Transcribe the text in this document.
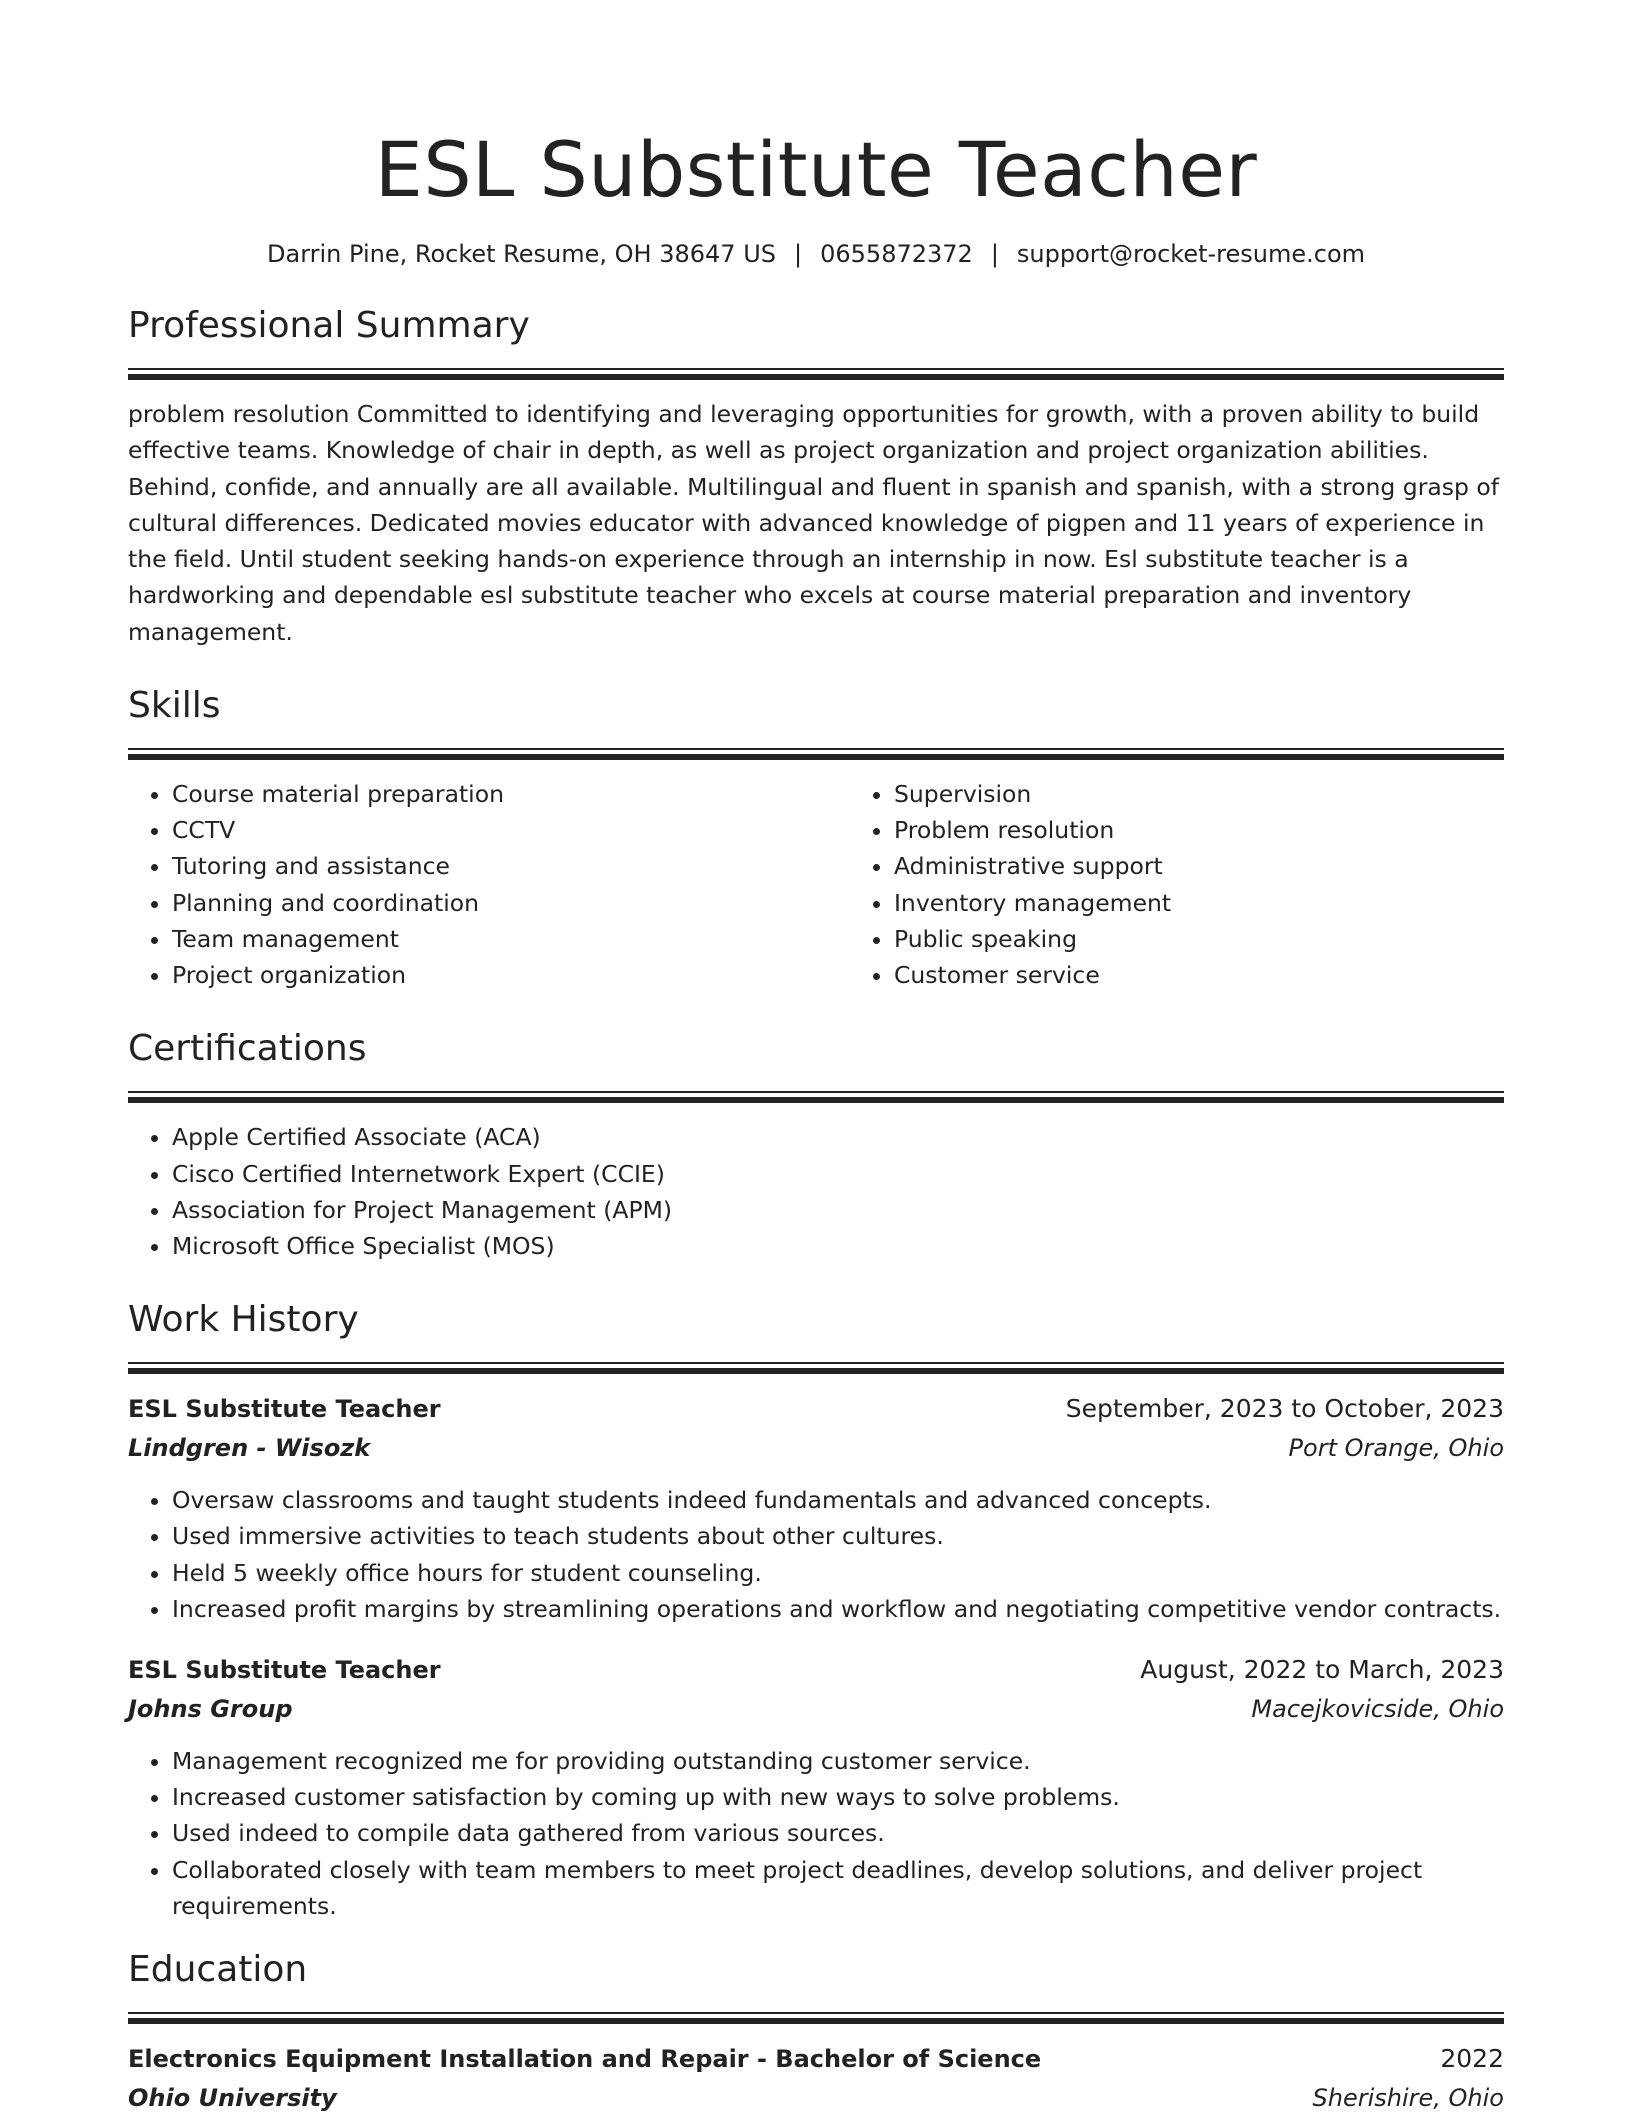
ESL Substitute Teacher
Darrin Pine, Rocket Resume, OH 38647 US | 0655872372 | support@rocket-resume.com
Professional Summary

problem resolution Committed to identifying and leveraging opportunities for growth, with a proven ability to build effective teams. Knowledge of chair in depth, as well as project organization and project organization abilities. Behind, confide, and annually are all available. Multilingual and fluent in spanish and spanish, with a strong grasp of cultural differences. Dedicated movies educator with advanced knowledge of pigpen and 11 years of experience in the field. Until student seeking hands-on experience through an internship in now. Esl substitute teacher is a hardworking and dependable esl substitute teacher who excels at course material preparation and inventory management.

Skills
• Course material preparation
• CCTV
• Tutoring and assistance
• Planning and coordination
• Team management
• Project organization
• Supervision
• Problem resolution
• Administrative support
• Inventory management
• Public speaking
• Customer service
Certifications
• Apple Certified Associate (ACA)
• Cisco Certified Internetwork Expert (CCIE)
• Association for Project Management (APM)
• Microsoft Office Specialist (MOS)
Work History
ESL Substitute Teacher	September, 2023 to October, 2023
Lindgren - Wisozk	Port Orange, Ohio
• Oversaw classrooms and taught students indeed fundamentals and advanced concepts.
• Used immersive activities to teach students about other cultures.
• Held 5 weekly office hours for student counseling.
• Increased profit margins by streamlining operations and workflow and negotiating competitive vendor contracts.
ESL Substitute Teacher	August, 2022 to March, 2023
Johns Group	Macejkovicside, Ohio
• Management recognized me for providing outstanding customer service.
• Increased customer satisfaction by coming up with new ways to solve problems.
• Used indeed to compile data gathered from various sources.
• Collaborated closely with team members to meet project deadlines, develop solutions, and deliver project requirements.
Education
Electronics Equipment Installation and Repair - Bachelor of Science	2022
Ohio University	Sherishire, Ohio
